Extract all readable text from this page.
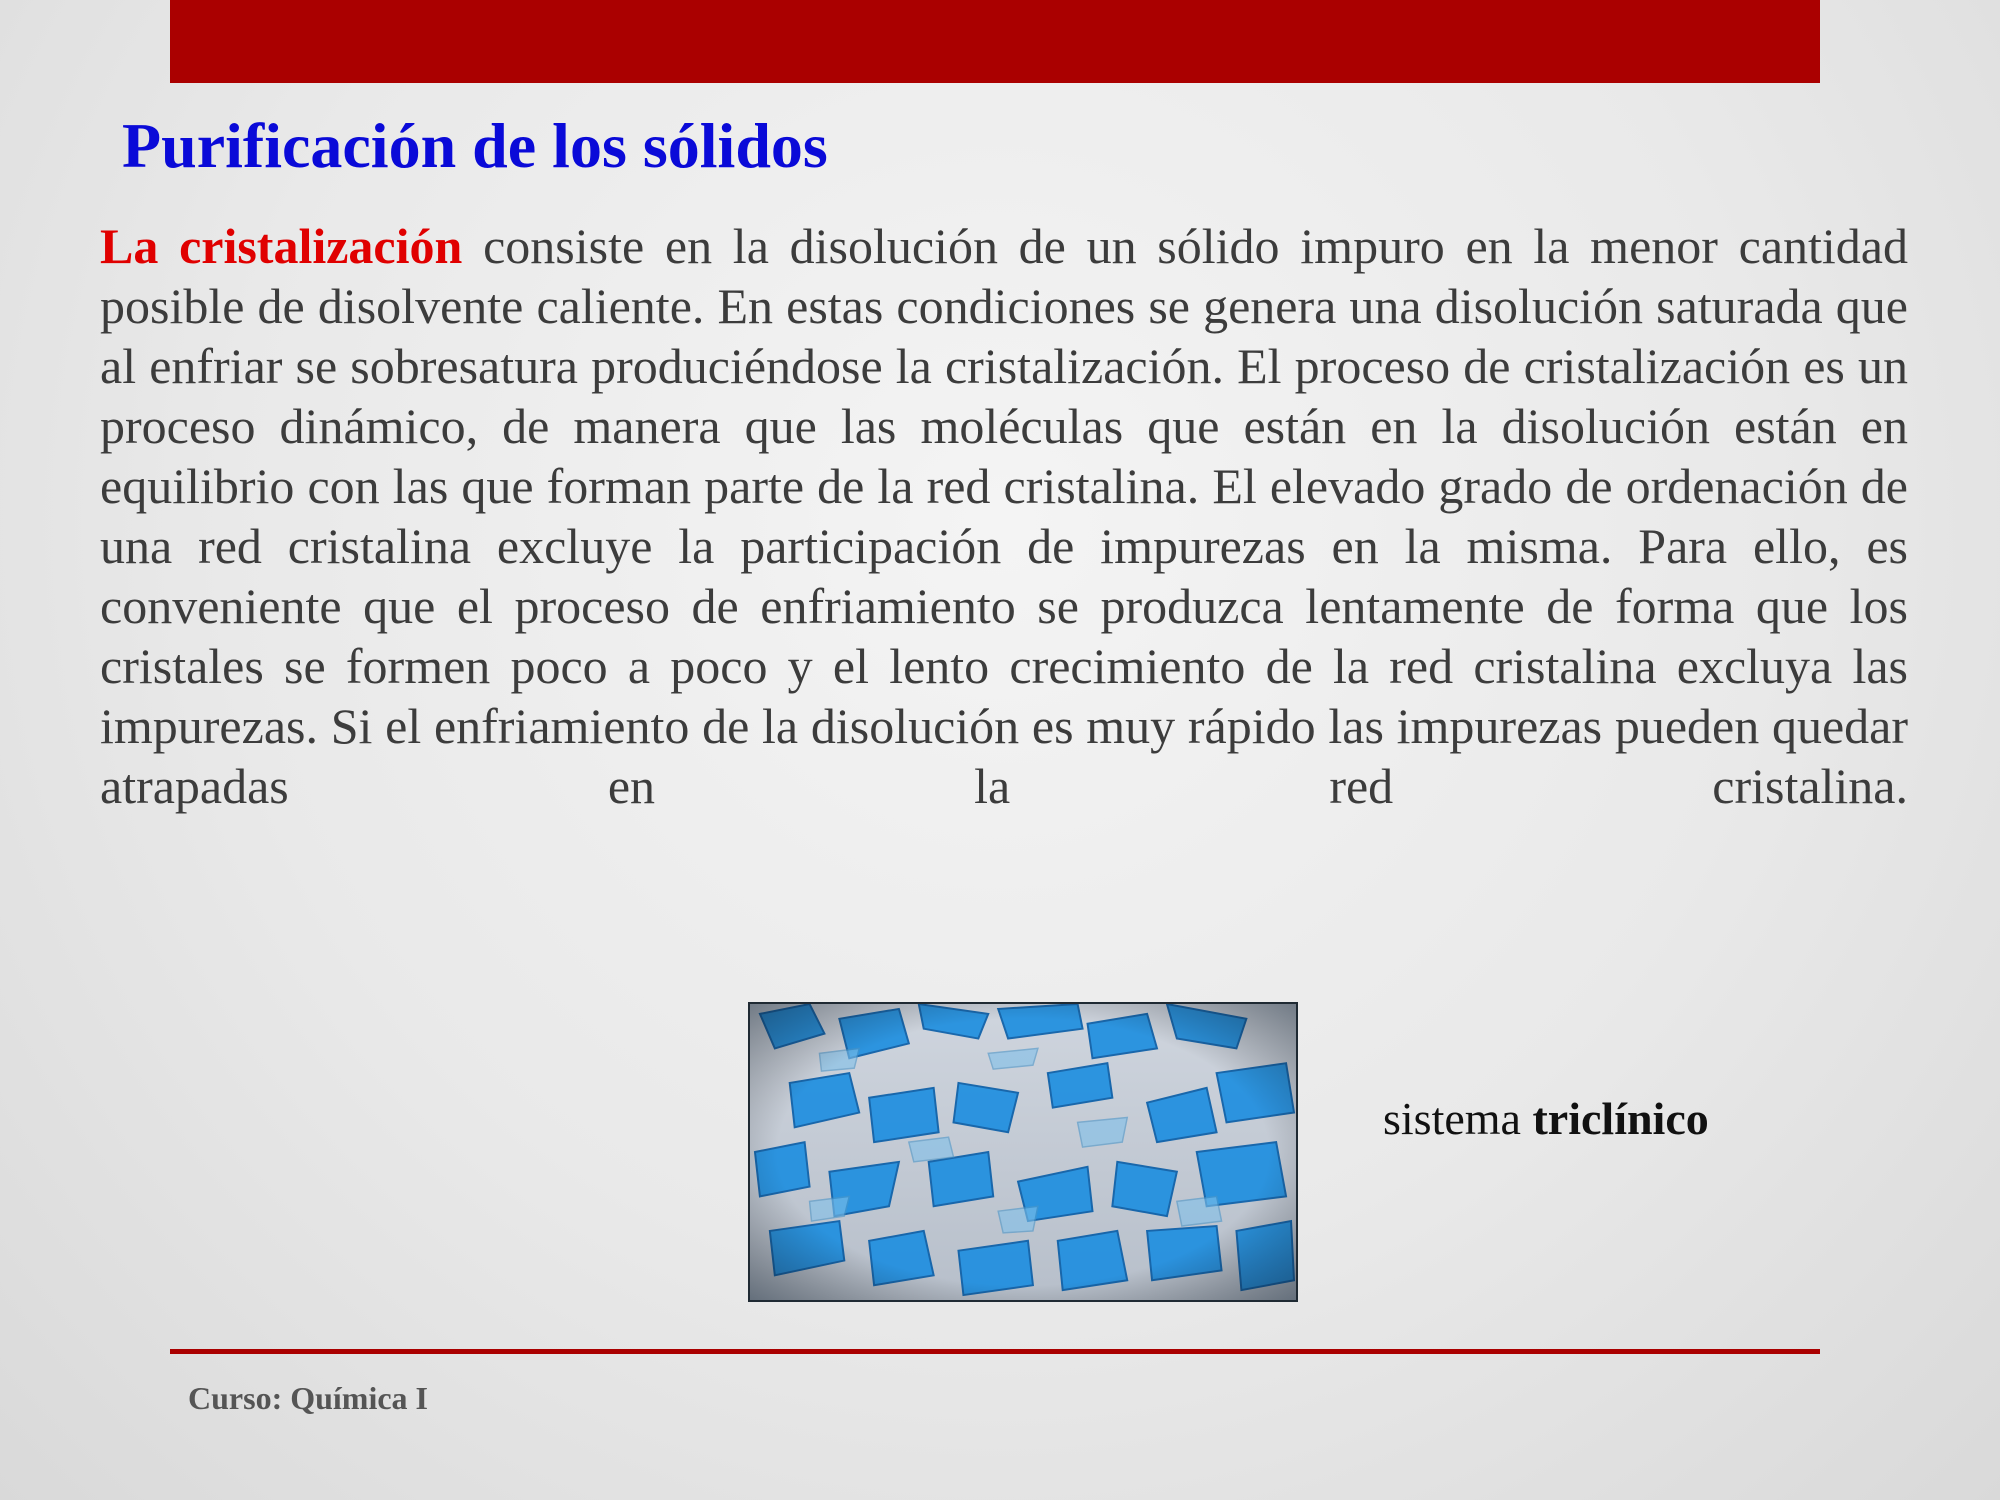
Purificación de los sólidos

La cristalización consiste en la disolución de un sólido impuro en la menor cantidad posible de disolvente caliente. En estas condiciones se genera una disolución saturada que al enfriar se sobresatura produciéndose la cristalización. El proceso de cristalización es un proceso dinámico, de manera que las moléculas que están en la disolución están en equilibrio con las que forman parte de la red cristalina. El elevado grado de ordenación de una red cristalina excluye la participación de impurezas en la misma. Para ello, es conveniente que el proceso de enfriamiento se produzca lentamente de forma que los cristales se formen poco a poco y el lento crecimiento de la red cristalina excluya las impurezas. Si el enfriamiento de la disolución es muy rápido las impurezas pueden quedar atrapadas en la red cristalina.

sistema triclínico
Curso: Química I
